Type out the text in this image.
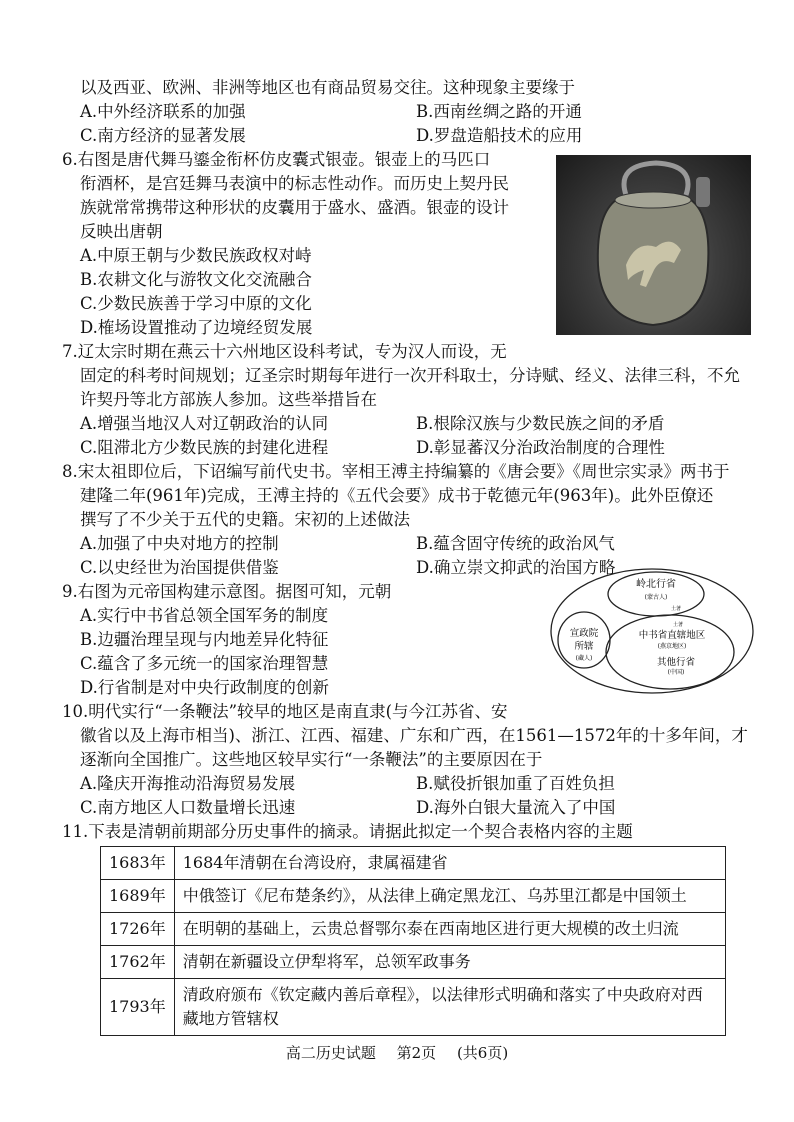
以及西亚、欧洲、非洲等地区也有商品贸易交往。这种现象主要缘于
A.中外经济联系的加强	B.西南丝绸之路的开通
C.南方经济的显著发展	D.罗盘造船技术的应用
6.右图是唐代舞马鎏金衔杯仿皮囊式银壶。银壶上的马匹口
衔酒杯，是宫廷舞马表演中的标志性动作。而历史上契丹民
族就常常携带这种形状的皮囊用于盛水、盛酒。银壶的设计
反映出唐朝
A.中原王朝与少数民族政权对峙
B.农耕文化与游牧文化交流融合
C.少数民族善于学习中原的文化
D.榷场设置推动了边境经贸发展
7.辽太宗时期在燕云十六州地区设科考试，专为汉人而设，无
固定的科考时间规划；辽圣宗时期每年进行一次开科取士，分诗赋、经义、法律三科，不允
许契丹等北方部族人参加。这些举措旨在
A.增强当地汉人对辽朝政治的认同	B.根除汉族与少数民族之间的矛盾
C.阻滞北方少数民族的封建化进程	D.彰显蕃汉分治政治制度的合理性
8.宋太祖即位后，下诏编写前代史书。宰相王溥主持编纂的《唐会要》《周世宗实录》两书于
建隆二年(961年)完成，王溥主持的《五代会要》成书于乾德元年(963年)。此外臣僚还
撰写了不少关于五代的史籍。宋初的上述做法
A.加强了中央对地方的控制	B.蕴含固守传统的政治风气
C.以史经世为治国提供借鉴	D.确立崇文抑武的治国方略
9.右图为元帝国构建示意图。据图可知，元朝
A.实行中书省总领全国军务的制度
B.边疆治理呈现与内地差异化特征
C.蕴含了多元统一的国家治理智慧
D.行省制是对中央行政制度的创新
岭北行省
(蒙古人)
土著
宣政院
所辖
(藏人)
土著
中书省直辖地区
(燕京地区)
其他行省
(中国)
10.明代实行“一条鞭法”较早的地区是南直隶(与今江苏省、安
徽省以及上海市相当)、浙江、江西、福建、广东和广西，在1561—1572年的十多年间，才
逐渐向全国推广。这些地区较早实行“一条鞭法”的主要原因在于
A.隆庆开海推动沿海贸易发展	B.赋役折银加重了百姓负担
C.南方地区人口数量增长迅速	D.海外白银大量流入了中国
1683年	1684年清朝在台湾设府，隶属福建省
1689年	中俄签订《尼布楚条约》，从法律上确定黑龙江、乌苏里江都是中国领土
1726年	在明朝的基础上，云贵总督鄂尔泰在西南地区进行更大规模的改土归流
1762年	清朝在新疆设立伊犁将军，总领军政事务
1793年	清政府颁布《钦定藏内善后章程》，以法律形式明确和落实了中央政府对西藏地方管辖权
11.下表是清朝前期部分历史事件的摘录。请据此拟定一个契合表格内容的主题
高二历史试题 第2页 (共6页)
